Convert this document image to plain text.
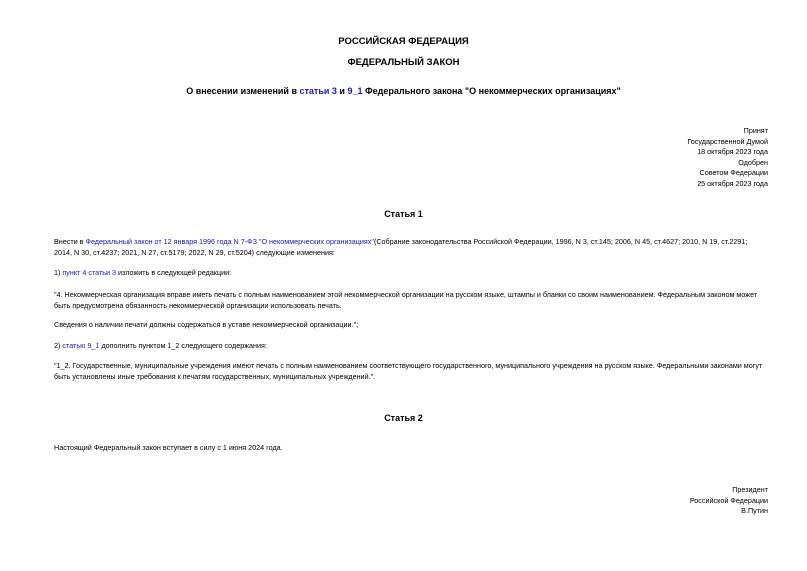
РОССИЙСКАЯ ФЕДЕРАЦИЯ
ФЕДЕРАЛЬНЫЙ ЗАКОН
О внесении изменений в статьи 3 и 9_1 Федерального закона "О некоммерческих организациях"
Принят
Государственной Думой
18 октября 2023 года
Одобрен
Советом Федерации
25 октября 2023 года
Статья 1
Внести в Федеральный закон от 12 января 1996 года N 7-ФЗ "О некоммерческих организациях"(Собрание законодательства Российской Федерации, 1996, N 3, ст.145; 2006, N 45, ст.4627; 2010, N 19, ст.2291;
2014, N 30, ст.4237; 2021, N 27, ст.5179; 2022, N 29, ст.5204) следующие изменения:
1) пункт 4 статьи 3 изложить в следующей редакции:
"4. Некоммерческая организация вправе иметь печать с полным наименованием этой некоммерческой организации на русском языке, штампы и бланки со своим наименованием. Федеральным законом может
быть предусмотрена обязанность некоммерческой организации использовать печать.
Сведения о наличии печати должны содержаться в уставе некоммерческой организации.";
2) статью 9_1 дополнить пунктом 1_2 следующего содержания:
"1_2. Государственные, муниципальные учреждения имеют печать с полным наименованием соответствующего государственного, муниципального учреждения на русском языке. Федеральными законами могут
быть установлены иные требования к печатям государственных, муниципальных учреждений.".
Статья 2
Настоящий Федеральный закон вступает в силу с 1 июня 2024 года.
Президент
Российской Федерации
В.Путин
